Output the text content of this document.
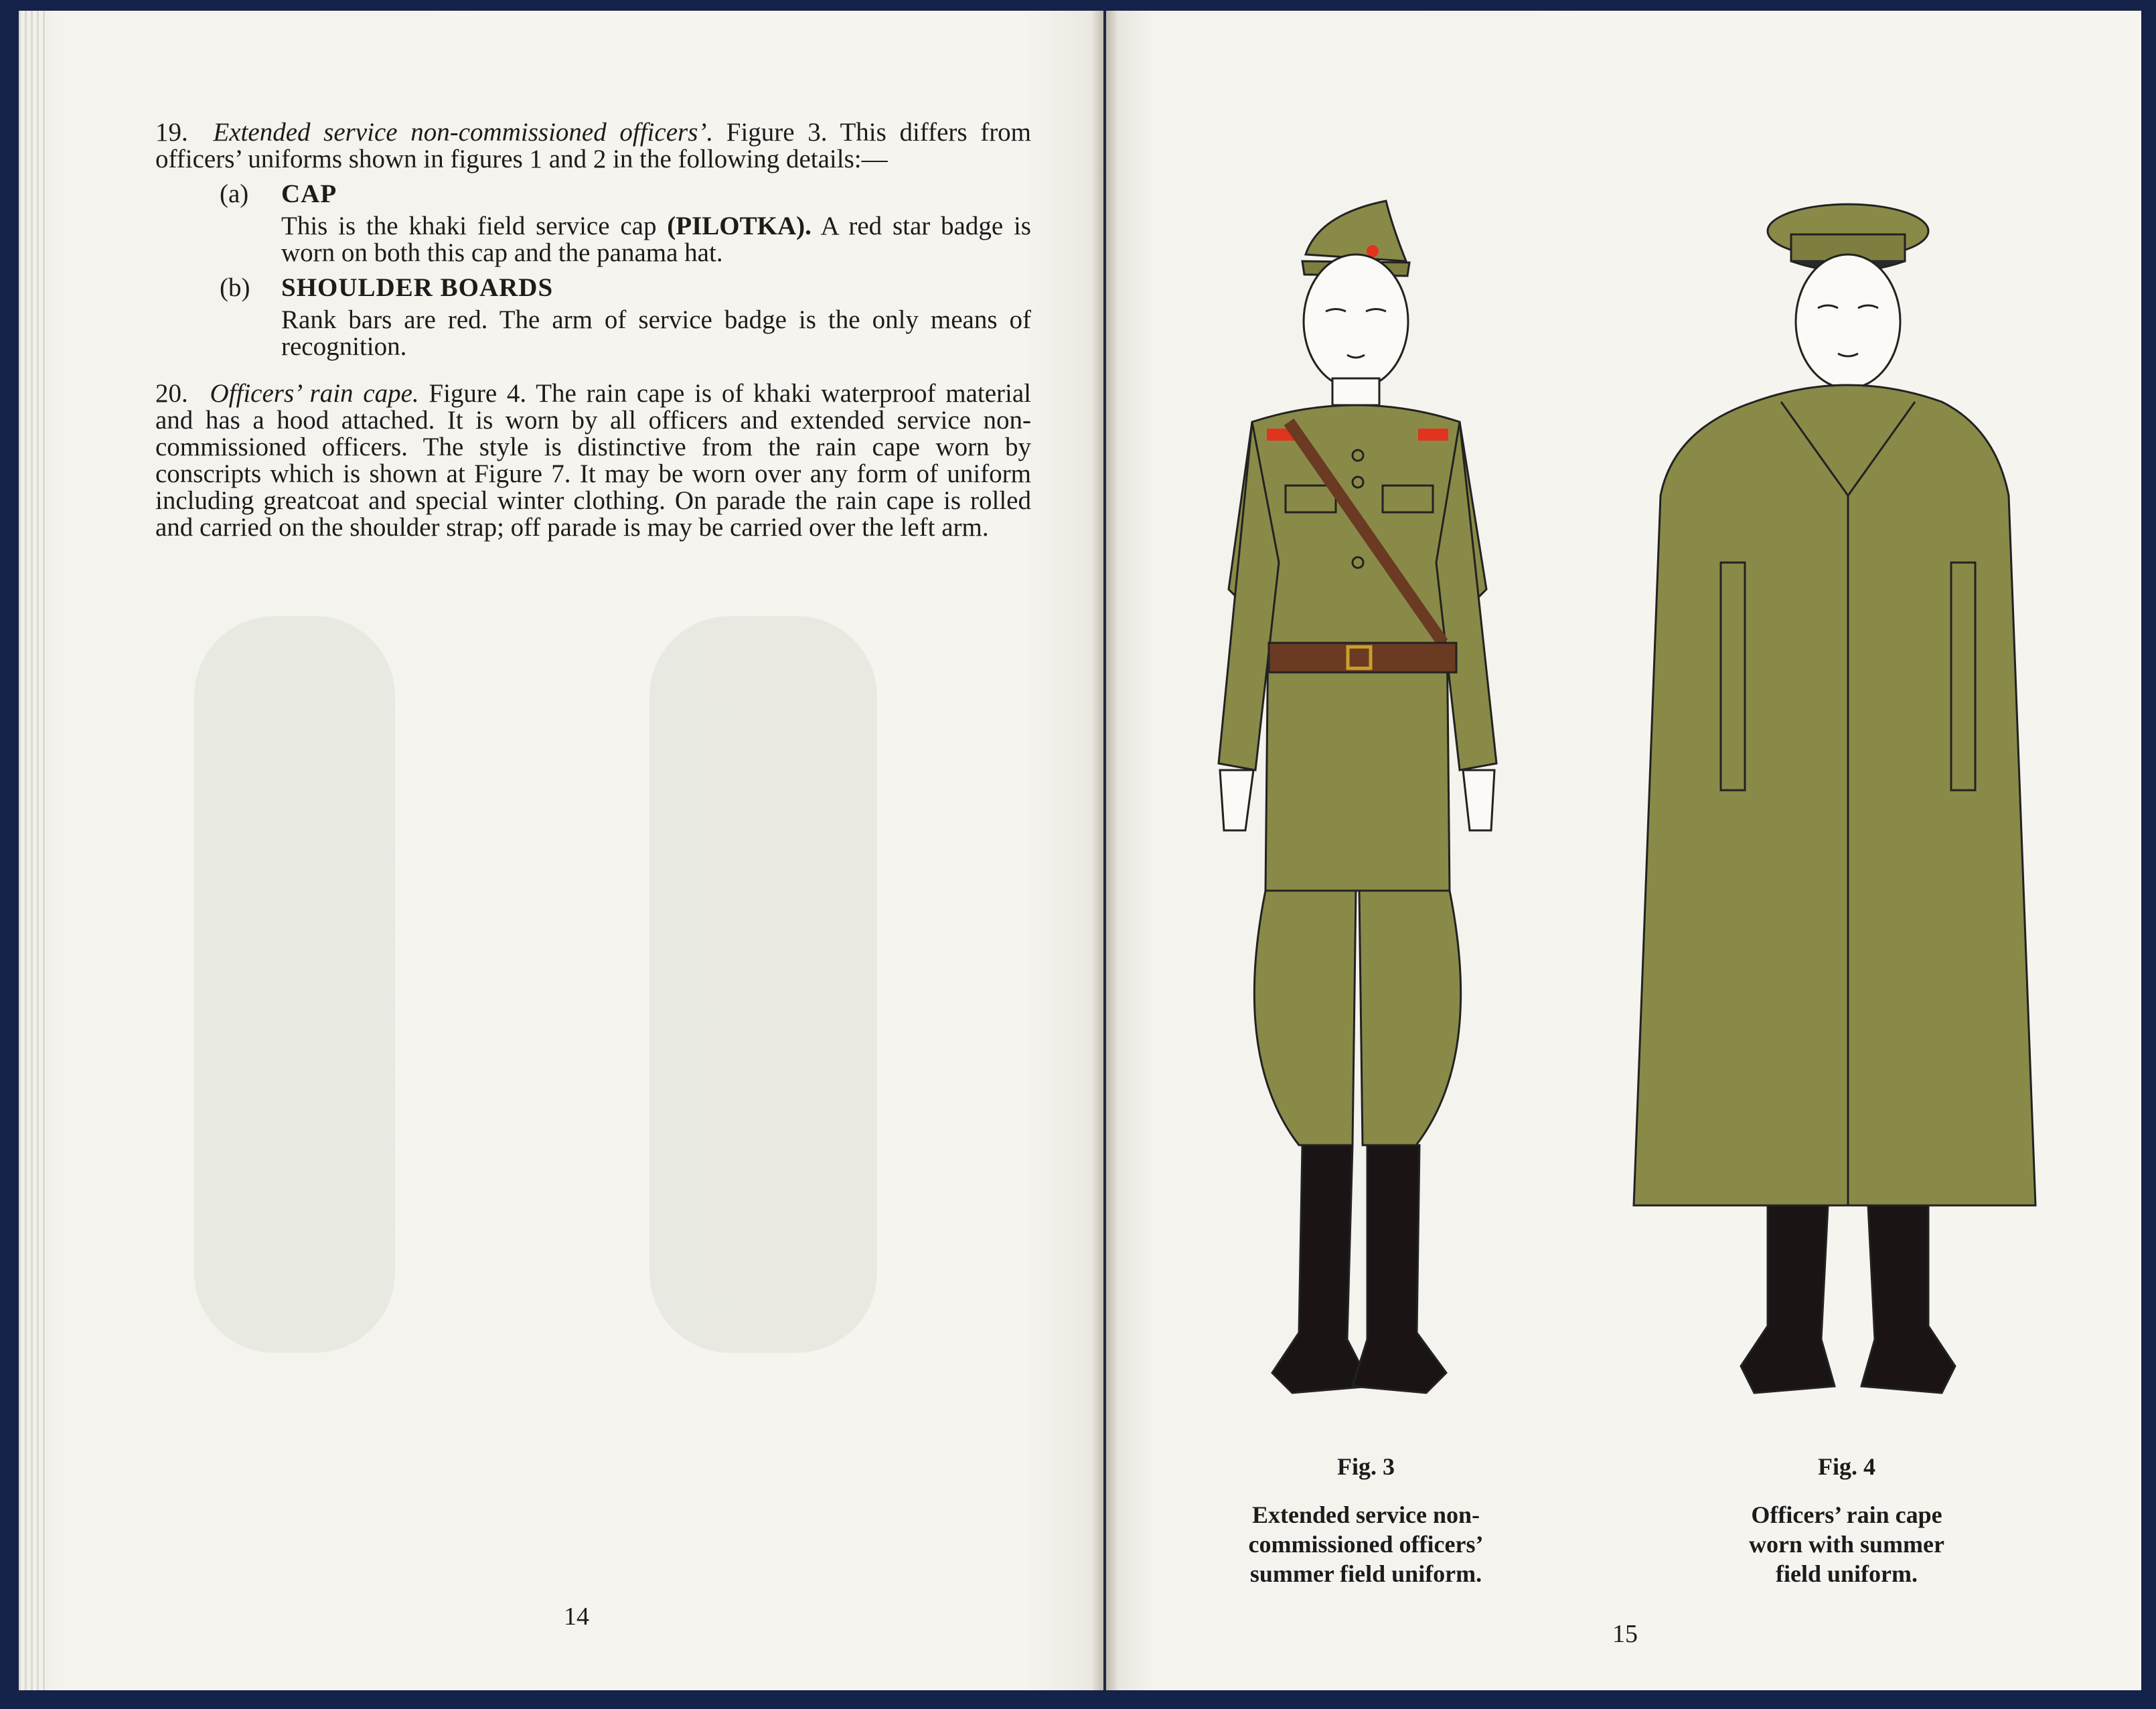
19. Extended service non-commissioned officers’. Figure 3. This differs from officers’ uniforms shown in figures 1 and 2 in the following details:—

(a) CAP
This is the khaki field service cap (PILOTKA). A red star badge is worn on both this cap and the panama hat.
(b) SHOULDER BOARDS
Rank bars are red. The arm of service badge is the only means of recognition.

20. Officers’ rain cape. Figure 4. The rain cape is of khaki waterproof material and has a hood attached. It is worn by all officers and extended service non-commissioned officers. The style is distinctive from the rain cape worn by conscripts which is shown at Figure 7. It may be worn over any form of uniform including greatcoat and special winter clothing. On parade the rain cape is rolled and carried on the shoulder strap; off parade is may be carried over the left arm.

14
Fig. 3
Extended service non-
commissioned officers’
summer field uniform.
Fig. 4
Officers’ rain cape
worn with summer
field uniform.
15
